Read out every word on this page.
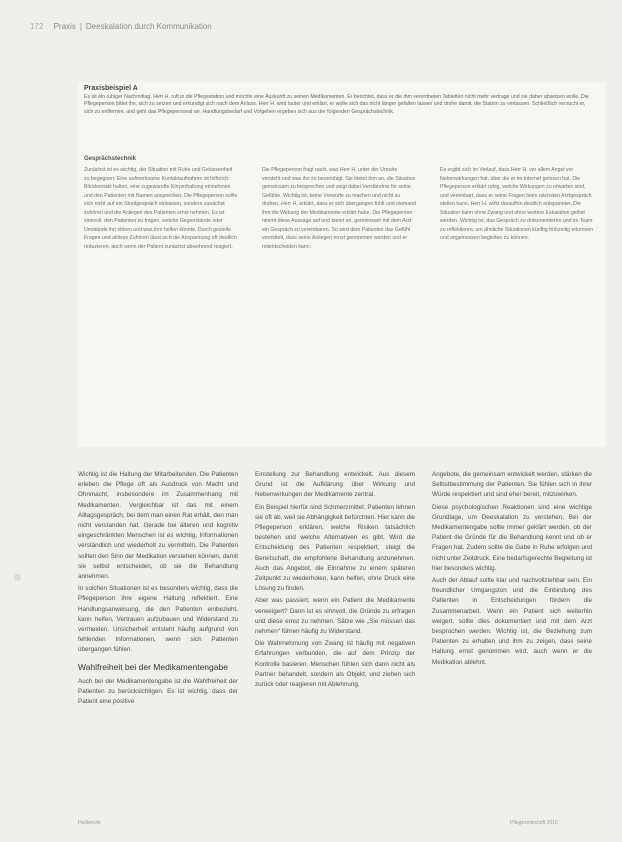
172 Praxis | Deeskalation durch Kommunikation
Praxisbeispiel A
Es ist ein ruhiger Nachmittag. Herr H. ruft in die Pflegestation und möchte eine Auskunft zu seinen Medikamenten. Er berichtet, dass er die ihm verordneten Tabletten nicht mehr vertrage und sie daher absetzen wolle. Die Pflegeperson bittet ihn, sich zu setzen und erkundigt sich nach dem Anlass. Herr H. wird lauter und erklärt, er wolle sich das nicht länger gefallen lassen und drohe damit, die Station zu verlassen. Schließlich versucht er, sich zu entfernen, und geht das Pflegepersonal an. Handlungsbedarf und Vorgehen ergeben sich aus der folgenden Gesprächstechnik.
Gesprächstechnik
Zunächst ist es wichtig, der Situation mit Ruhe und Gelassenheit zu begegnen. Eine aufmerksame Kontaktaufnahme ist hilfreich: Blickkontakt halten, eine zugewandte Körperhaltung einnehmen und den Patienten mit Namen ansprechen. Die Pflegeperson sollte sich nicht auf ein Streitgespräch einlassen, sondern zunächst zuhören und die Anliegen des Patienten ernst nehmen. Es ist sinnvoll, den Patienten zu fragen, welche Gegenstände oder Umstände ihn stören und was ihm helfen könnte. Durch gezielte Fragen und aktives Zuhören lässt sich die Anspannung oft deutlich reduzieren, auch wenn der Patient zunächst abwehrend reagiert.
Die Pflegeperson fragt nach, was Herr H. unter der Unruhe versteht und was ihn so beunruhigt. Sie bietet ihm an, die Situation gemeinsam zu besprechen und zeigt dabei Verständnis für seine Gefühle. Wichtig ist, keine Vorwürfe zu machen und nicht zu drohen. Herr H. erklärt, dass er sich übergangen fühlt und niemand ihm die Wirkung der Medikamente erklärt habe. Die Pflegeperson nimmt diese Aussage auf und bietet an, gemeinsam mit dem Arzt ein Gespräch zu vereinbaren. So wird dem Patienten das Gefühl vermittelt, dass seine Anliegen ernst genommen werden und er mitentscheiden kann.
Es ergibt sich im Verlauf, dass Herr H. vor allem Angst vor Nebenwirkungen hat, über die er im Internet gelesen hat. Die Pflegeperson erklärt ruhig, welche Wirkungen zu erwarten sind, und vereinbart, dass er seine Fragen beim nächsten Arztgespräch stellen kann. Herr H. wirkt daraufhin deutlich entspannter. Die Situation kann ohne Zwang und ohne weitere Eskalation gelöst werden. Wichtig ist, das Gespräch zu dokumentieren und im Team zu reflektieren, um ähnliche Situationen künftig frühzeitig erkennen und angemessen begleiten zu können.

Wichtig ist die Haltung der Mitarbeitenden. Die Patienten erleben die Pflege oft als Ausdruck von Macht und Ohnmacht, insbesondere im Zusammenhang mit Medikamenten. Vergleichbar ist das mit einem Alltagsgespräch, bei dem man einen Rat erhält, den man nicht verstanden hat. Gerade bei älteren und kognitiv eingeschränkten Menschen ist es wichtig, Informationen verständlich und wiederholt zu vermitteln. Die Patienten sollten den Sinn der Medikation verstehen können, damit sie selbst entscheiden, ob sie die Behandlung annehmen.

In solchen Situationen ist es besonders wichtig, dass die Pflegeperson ihre eigene Haltung reflektiert. Eine Handlungsanweisung, die den Patienten einbezieht, kann helfen, Vertrauen aufzubauen und Widerstand zu vermeiden. Unsicherheit entsteht häufig aufgrund von fehlenden Informationen, wenn sich Patienten übergangen fühlen.

Wahlfreiheit bei der Medikamentengabe

Auch bei der Medikamentengabe ist die Wahlfreiheit der Patienten zu berücksichtigen. Es ist wichtig, dass der Patient eine positive

Einstellung zur Behandlung entwickelt. Aus diesem Grund ist die Aufklärung über Wirkung und Nebenwirkungen der Medikamente zentral.

Ein Beispiel hierfür sind Schmerzmittel: Patienten lehnen sie oft ab, weil sie Abhängigkeit befürchten. Hier kann die Pflegeperson erklären, welche Risiken tatsächlich bestehen und welche Alternativen es gibt. Wird die Entscheidung des Patienten respektiert, steigt die Bereitschaft, die empfohlene Behandlung anzunehmen. Auch das Angebot, die Einnahme zu einem späteren Zeitpunkt zu wiederholen, kann helfen, ohne Druck eine Lösung zu finden.

Aber was passiert, wenn ein Patient die Medikamente verweigert? Dann ist es sinnvoll, die Gründe zu erfragen und diese ernst zu nehmen. Sätze wie „Sie müssen das nehmen“ führen häufig zu Widerstand.

Die Wahrnehmung von Zwang ist häufig mit negativen Erfahrungen verbunden, die auf dem Prinzip der Kontrolle basieren. Menschen fühlen sich dann nicht als Partner behandelt, sondern als Objekt, und ziehen sich zurück oder reagieren mit Ablehnung.

Angebote, die gemeinsam entwickelt werden, stärken die Selbstbestimmung der Patienten. Sie fühlen sich in ihrer Würde respektiert und sind eher bereit, mitzuwirken.

Diese psychologischen Reaktionen sind eine wichtige Grundlage, um Deeskalation zu verstehen. Bei der Medikamentengabe sollte immer geklärt werden, ob der Patient die Gründe für die Behandlung kennt und ob er Fragen hat. Zudem sollte die Gabe in Ruhe erfolgen und nicht unter Zeitdruck. Eine bedarfsgerechte Begleitung ist hier besonders wichtig.

Auch der Ablauf sollte klar und nachvollziehbar sein. Ein freundlicher Umgangston und die Einbindung des Patienten in Entscheidungen fördern die Zusammenarbeit. Wenn ein Patient sich weiterhin weigert, sollte dies dokumentiert und mit dem Arzt besprochen werden. Wichtig ist, die Beziehung zum Patienten zu erhalten und ihm zu zeigen, dass seine Haltung ernst genommen wird, auch wenn er die Medikation ablehnt.

Heilberufe	Pflegezeitschrift 2016
